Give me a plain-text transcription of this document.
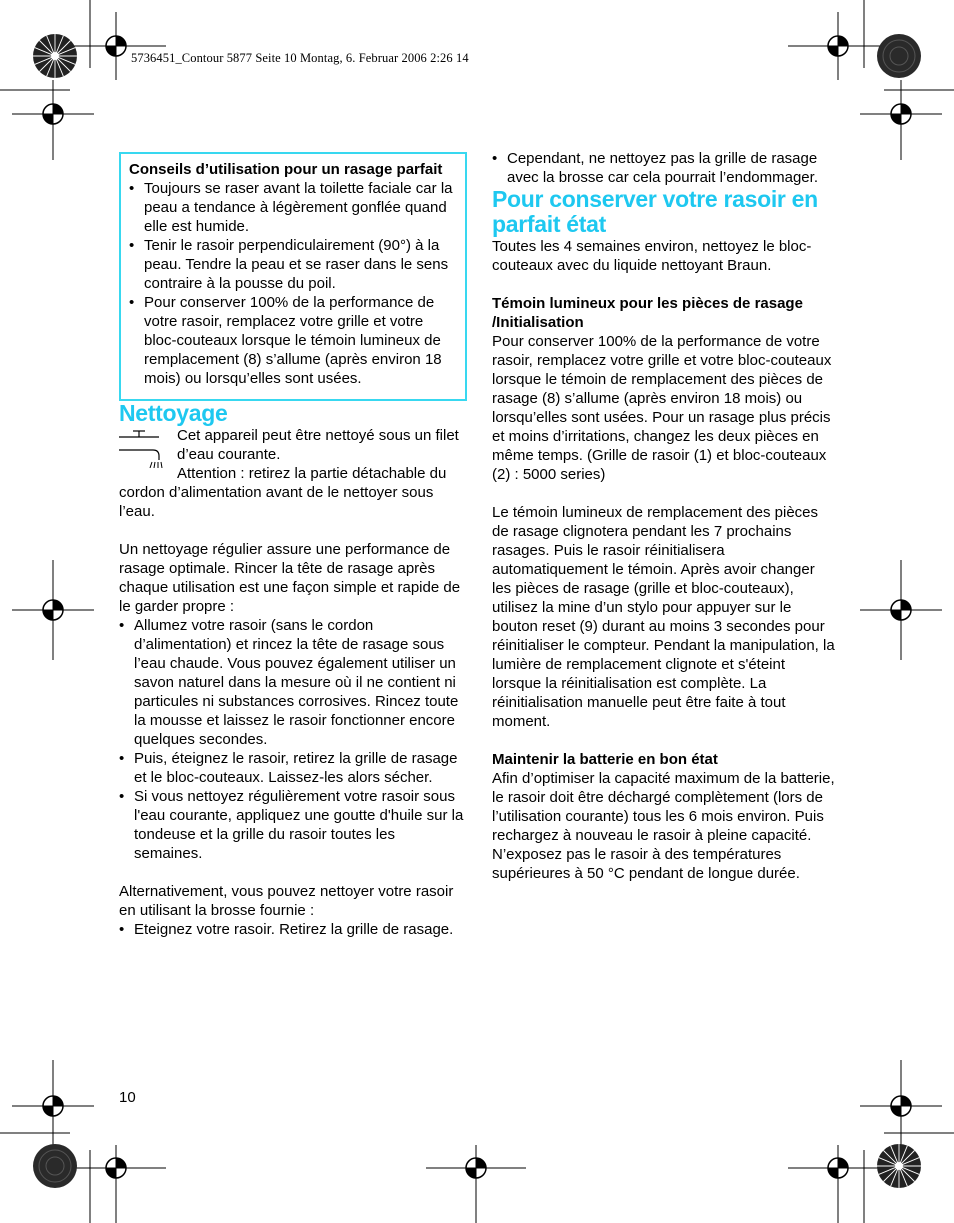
5736451_Contour 5877 Seite 10 Montag, 6. Februar 2006 2:26 14
Conseils d’utilisation pour un rasage parfait
• Toujours se raser avant la toilette faciale car la peau a tendance à légèrement gonflée quand elle est humide.
• Tenir le rasoir perpendiculairement (90°) à la peau. Tendre la peau et se raser dans le sens contraire à la pousse du poil.
• Pour conserver 100% de la performance de votre rasoir, remplacez votre grille et votre bloc-couteaux lorsque le témoin lumineux de remplacement (8) s’allume (après environ 18 mois) ou lorsqu’elles sont usées.
Nettoyage

Cet appareil peut être nettoyé sous un filet d’eau courante.

Attention : retirez la partie détachable du cordon d’alimentation avant de le nettoyer sous l’eau.

Un nettoyage régulier assure une performance de rasage optimale. Rincer la tête de rasage après chaque utilisation est une façon simple et rapide de le garder propre :

• Allumez votre rasoir (sans le cordon d’alimentation) et rincez la tête de rasage sous l’eau chaude. Vous pouvez également utiliser un savon naturel dans la mesure où il ne contient ni particules ni substances corrosives. Rincez toute la mousse et laissez le rasoir fonctionner encore quelques secondes.
• Puis, éteignez le rasoir, retirez la grille de rasage et le bloc-couteaux. Laissez-les alors sécher.
• Si vous nettoyez régulièrement votre rasoir sous l'eau courante, appliquez une goutte d'huile sur la tondeuse et la grille du rasoir toutes les semaines.

Alternativement, vous pouvez nettoyer votre rasoir en utilisant la brosse fournie :

• Eteignez votre rasoir. Retirez la grille de rasage.
10
• Cependant, ne nettoyez pas la grille de rasage avec la brosse car cela pourrait l’endommager.
Pour conserver votre rasoir en parfait état

Toutes les 4 semaines environ, nettoyez le bloc-couteaux avec du liquide nettoyant Braun.

Témoin lumineux pour les pièces de rasage /Initialisation

Pour conserver 100% de la performance de votre rasoir, remplacez votre grille et votre bloc-couteaux lorsque le témoin de remplacement des pièces de rasage (8) s’allume (après environ 18 mois) ou lorsqu’elles sont usées. Pour un rasage plus précis et moins d’irritations, changez les deux pièces en même temps. (Grille de rasoir (1) et bloc-couteaux (2) : 5000 series)

Le témoin lumineux de remplacement des pièces de rasage clignotera pendant les 7 prochains rasages. Puis le rasoir réinitialisera automatiquement le témoin. Après avoir changer les pièces de rasage (grille et bloc-couteaux), utilisez la mine d’un stylo pour appuyer sur le bouton reset (9) durant au moins 3 secondes pour réinitialiser le compteur. Pendant la manipulation, la lumière de remplacement clignote et s'éteint lorsque la réinitialisation est complète. La réinitialisation manuelle peut être faite à tout moment.

Maintenir la batterie en bon état

Afin d’optimiser la capacité maximum de la batterie, le rasoir doit être déchargé complètement (lors de l’utilisation courante) tous les 6 mois environ. Puis rechargez à nouveau le rasoir à pleine capacité. N’exposez pas le rasoir à des températures supérieures à 50 °C pendant de longue durée.
